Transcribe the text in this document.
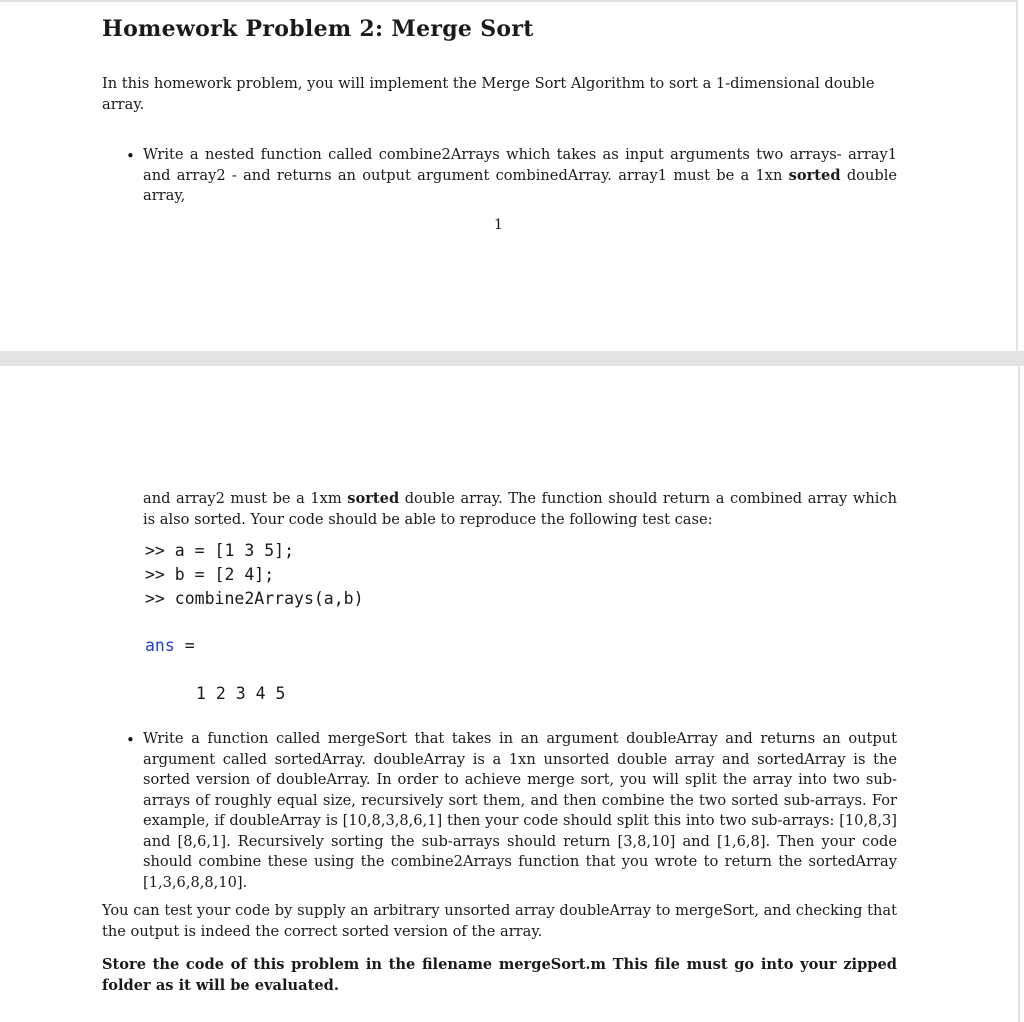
Homework Problem 2: Merge Sort

In this homework problem, you will implement the Merge Sort Algorithm to sort a 1-dimensional double array.

• Write a nested function called combine2Arrays which takes as input arguments two arrays- array1 and array2 - and returns an output argument combinedArray. array1 must be a 1xn sorted double array,

1

and array2 must be a 1xm sorted double array. The function should return a combined array which is also sorted. Your code should be able to reproduce the following test case:

>> a = [1 3 5];
>> b = [2 4];
>> combine2Arrays(a,b)
ans =
1 2 3 4 5
• Write a function called mergeSort that takes in an argument doubleArray and returns an output argument called sortedArray. doubleArray is a 1xn unsorted double array and sortedArray is the sorted version of doubleArray. In order to achieve merge sort, you will split the array into two sub-arrays of roughly equal size, recursively sort them, and then combine the two sorted sub-arrays. For example, if doubleArray is [10,8,3,8,6,1] then your code should split this into two sub-arrays: [10,8,3] and [8,6,1]. Recursively sorting the sub-arrays should return [3,8,10] and [1,6,8]. Then your code should combine these using the combine2Arrays function that you wrote to return the sortedArray [1,3,6,8,8,10].

You can test your code by supply an arbitrary unsorted array doubleArray to mergeSort, and checking that the output is indeed the correct sorted version of the array.

Store the code of this problem in the filename mergeSort.m This file must go into your zipped folder as it will be evaluated.
